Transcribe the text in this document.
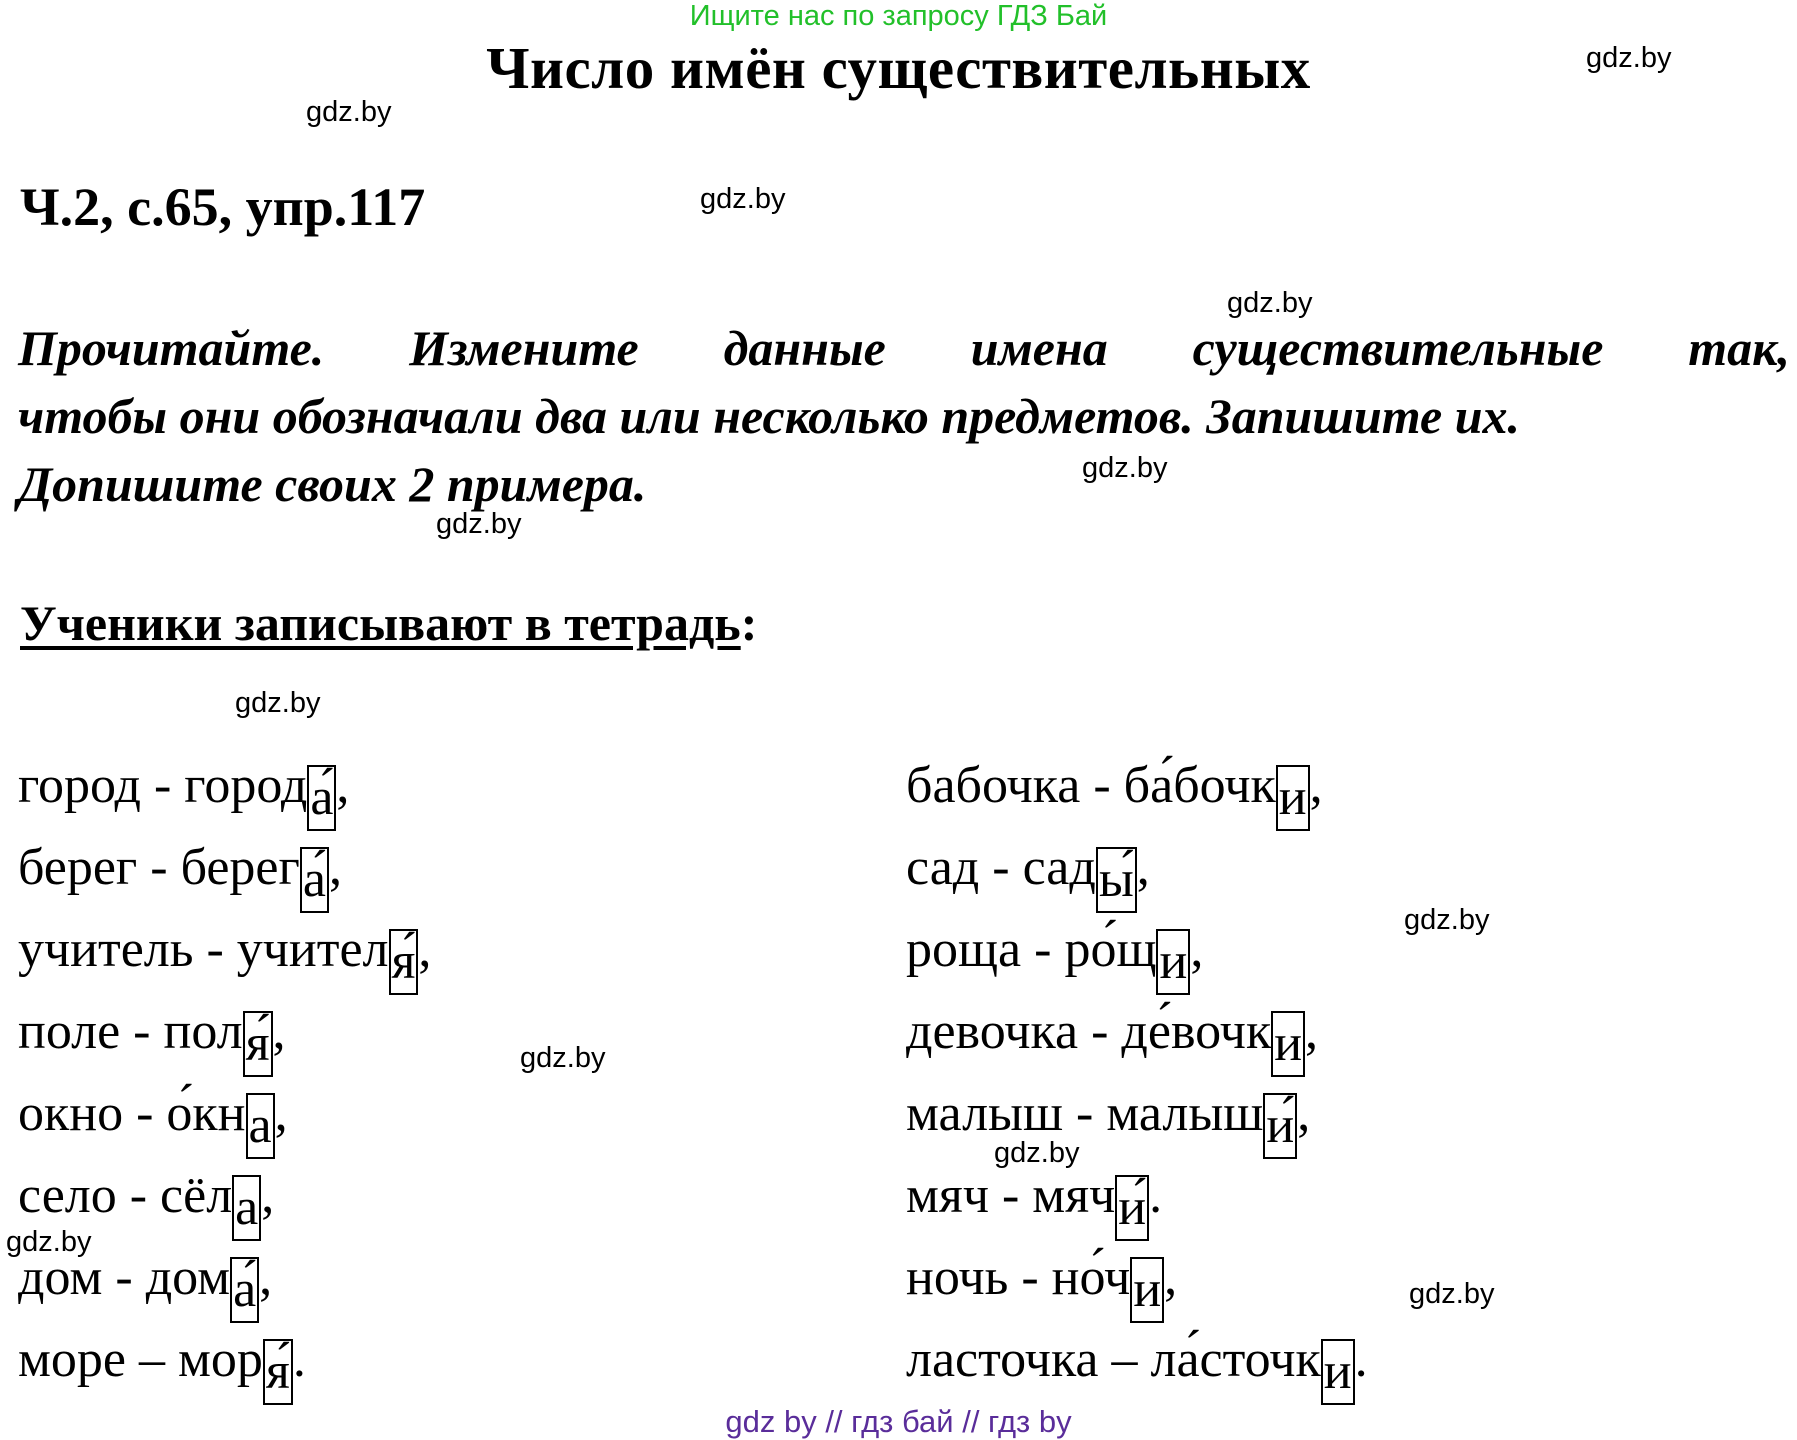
Ищите нас по запросу ГДЗ Бай
Число имён существительных	gdz.by
gdz.by
gdz.by
gdz.by
gdz.by
gdz.by
gdz.by
gdz.by
gdz.by
gdz.by
gdz.by
gdz.by
Ч.2, с.65, упр.117
Прочитайте. Измените данные имена существительные так,
чтобы они обозначали два или несколько предметов. Запишите их.
Допишите своих 2 примера.
Ученики записывают в тетрадь:
город - города́,
берег - берега́,
учитель - учителя́,
поле - поля́,
окно - о́кна,
село - сёла,
дом - дома́,
море – моря́.
бабочка - ба́бочки,
сад - сады́,
роща - ро́щи,
девочка - де́вочки,
малыш - малыши́,
мяч - мячи́.
ночь - но́чи,
ласточка – ла́сточки.
gdz by // гдз бай // гдз by
